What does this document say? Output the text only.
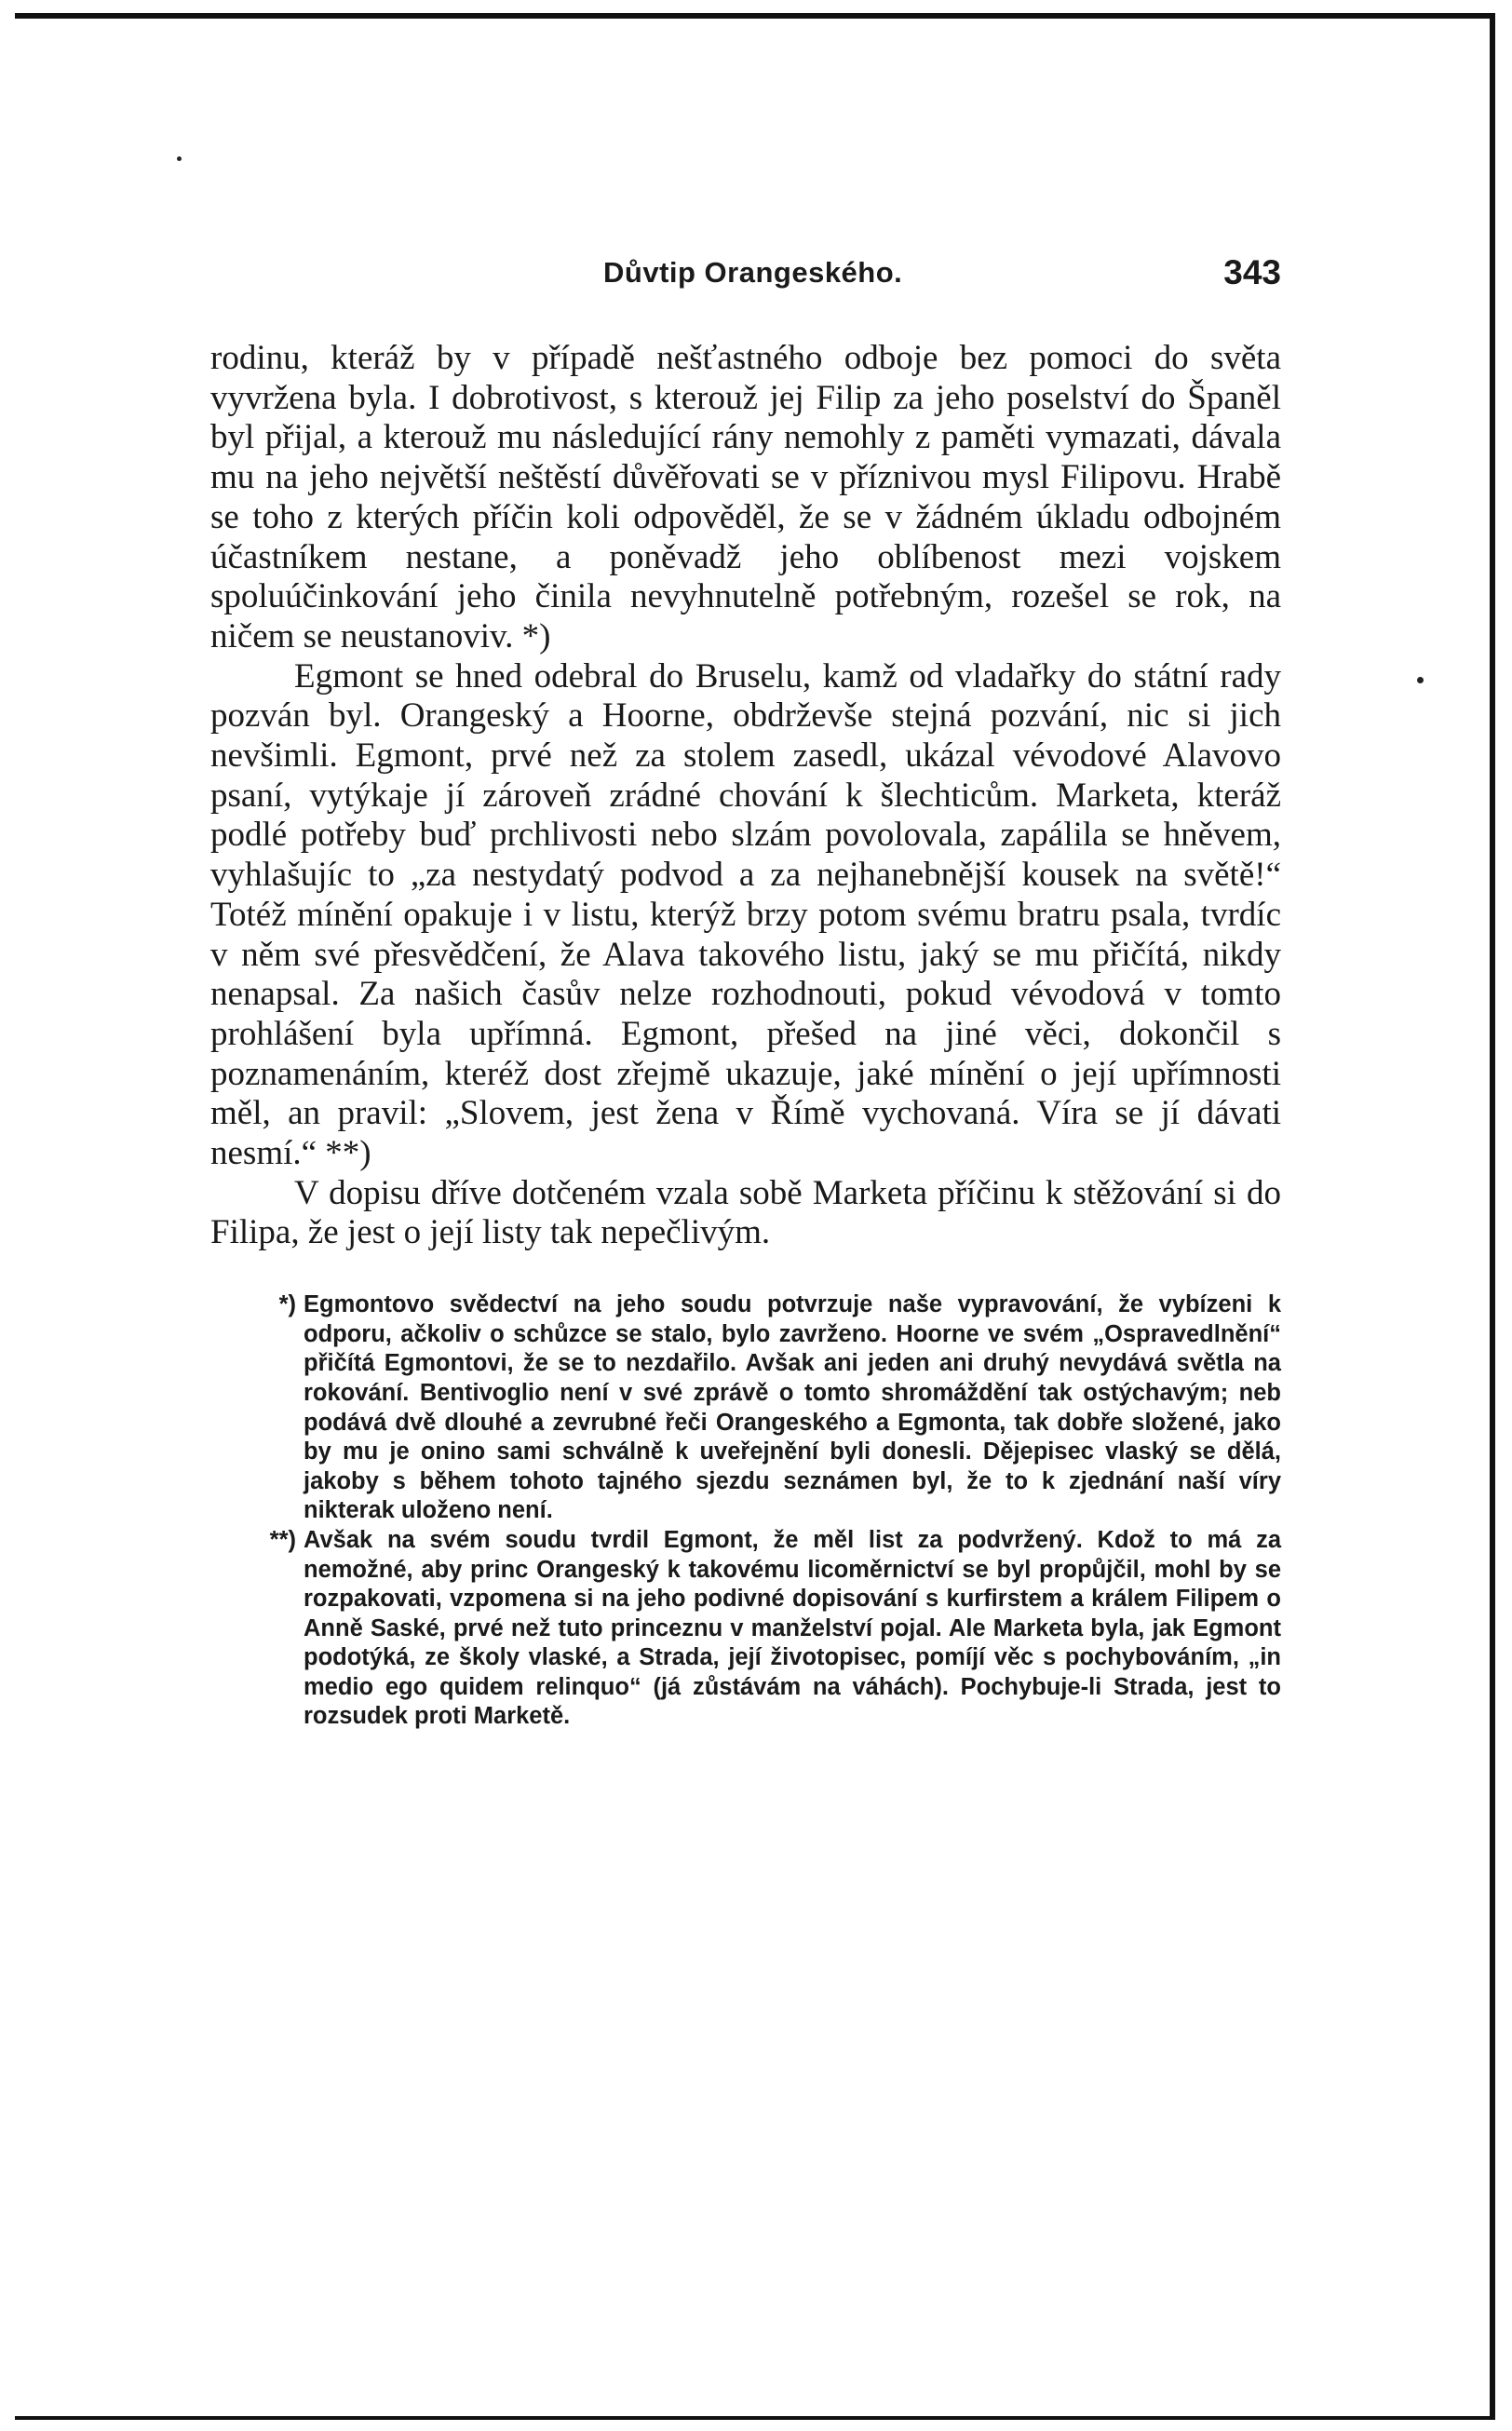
Důvtip Orangeského.	343

rodinu, kteráž by v případě nešťastného odboje bez pomoci do světa vyvržena byla. I dobrotivost, s kterouž jej Filip za jeho poselství do Španěl byl přijal, a kterouž mu následující rány nemohly z paměti vymazati, dávala mu na jeho největší neštěstí důvěřovati se v příznivou mysl Filipovu. Hrabě se toho z kterých příčin koli odpověděl, že se v žádném úkladu odbojném účastníkem nestane, a poněvadž jeho oblíbenost mezi vojskem spoluúčinkování jeho činila nevyhnutelně potřebným, rozešel se rok, na ničem se neustanoviv. *)

Egmont se hned odebral do Bruselu, kamž od vladařky do státní rady pozván byl. Orangeský a Hoorne, obdrževše stejná pozvání, nic si jich nevšimli. Egmont, prvé než za stolem zasedl, ukázal vévodové Alavovo psaní, vytýkaje jí zároveň zrádné chování k šlechticům. Marketa, kteráž podlé potřeby buď prchlivosti nebo slzám povolovala, zapálila se hněvem, vyhlašujíc to „za nestydatý podvod a za nejhanebnější kousek na světě!“ Totéž mínění opakuje i v listu, kterýž brzy potom svému bratru psala, tvrdíc v něm své přesvědčení, že Alava takového listu, jaký se mu přičítá, nikdy nenapsal. Za našich časův nelze rozhodnouti, pokud vévodová v tomto prohlášení byla upřímná. Egmont, přešed na jiné věci, dokončil s poznamenáním, kteréž dost zřejmě ukazuje, jaké mínění o její upřímnosti měl, an pravil: „Slovem, jest žena v Římě vychovaná. Víra se jí dávati nesmí.“ **)

V dopisu dříve dotčeném vzala sobě Marketa příčinu k stěžování si do Filipa, že jest o její listy tak nepečlivým.

*) Egmontovo svědectví na jeho soudu potvrzuje naše vypravování, že vybízeni k odporu, ačkoliv o schůzce se stalo, bylo zavrženo. Hoorne ve svém „Ospravedlnění“ přičítá Egmontovi, že se to nezdařilo. Avšak ani jeden ani druhý nevydává světla na rokování. Bentivoglio není v své zprávě o tomto shromáždění tak ostýchavým; neb podává dvě dlouhé a zevrubné řeči Orangeského a Egmonta, tak dobře složené, jako by mu je onino sami schválně k uveřejnění byli donesli. Dějepisec vlaský se dělá, jakoby s během tohoto tajného sjezdu seznámen byl, že to k zjednání naší víry nikterak uloženo není.
**) Avšak na svém soudu tvrdil Egmont, že měl list za podvržený. Kdož to má za nemožné, aby princ Orangeský k takovému licoměrnictví se byl propůjčil, mohl by se rozpakovati, vzpomena si na jeho podivné dopisování s kurfirstem a králem Filipem o Anně Saské, prvé než tuto princeznu v manželství pojal. Ale Marketa byla, jak Egmont podotýká, ze školy vlaské, a Strada, její životopisec, pomíjí věc s pochybováním, „in medio ego quidem relinquo“ (já zůstávám na váhách). Pochybuje-li Strada, jest to rozsudek proti Marketě.
